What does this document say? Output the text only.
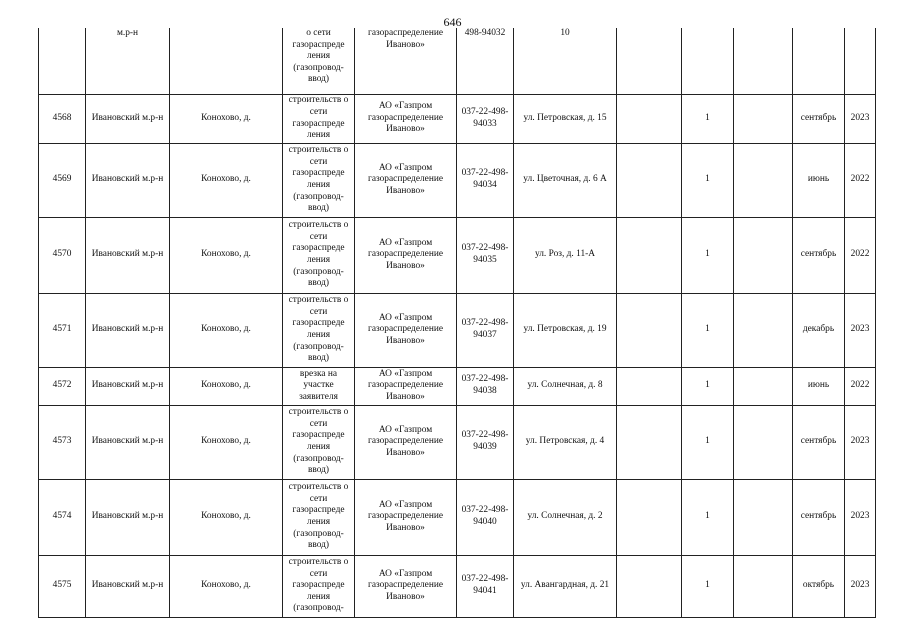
646
	м.р-н		о сети газораспреде ления (газопровод-ввод)	газораспределение Иваново»	498-94032	10					
4568	Ивановский м.р-н	Конохово, д.	строительств о сети газораспреде ления	АО «Газпром газораспределение Иваново»	037-22-498-94033	ул. Петровская, д. 15		1		сентябрь	2023
4569	Ивановский м.р-н	Конохово, д.	строительств о сети газораспреде ления (газопровод-ввод)	АО «Газпром газораспределение Иваново»	037-22-498-94034	ул. Цветочная, д. 6 А		1		июнь	2022
4570	Ивановский м.р-н	Конохово, д.	строительств о сети газораспреде ления (газопровод-ввод)	АО «Газпром газораспределение Иваново»	037-22-498-94035	ул. Роз, д. 11-А		1		сентябрь	2022
4571	Ивановский м.р-н	Конохово, д.	строительств о сети газораспреде ления (газопровод-ввод)	АО «Газпром газораспределение Иваново»	037-22-498-94037	ул. Петровская, д. 19		1		декабрь	2023
4572	Ивановский м.р-н	Конохово, д.	врезка на участке заявителя	АО «Газпром газораспределение Иваново»	037-22-498-94038	ул. Солнечная, д. 8		1		июнь	2022
4573	Ивановский м.р-н	Конохово, д.	строительств о сети газораспреде ления (газопровод-ввод)	АО «Газпром газораспределение Иваново»	037-22-498-94039	ул. Петровская, д. 4		1		сентябрь	2023
4574	Ивановский м.р-н	Конохово, д.	строительств о сети газораспреде ления (газопровод-ввод)	АО «Газпром газораспределение Иваново»	037-22-498-94040	ул. Солнечная, д. 2		1		сентябрь	2023
4575	Ивановский м.р-н	Конохово, д.	строительств о сети газораспреде ления (газопровод-	АО «Газпром газораспределение Иваново»	037-22-498-94041	ул. Авангардная, д. 21		1		октябрь	2023
